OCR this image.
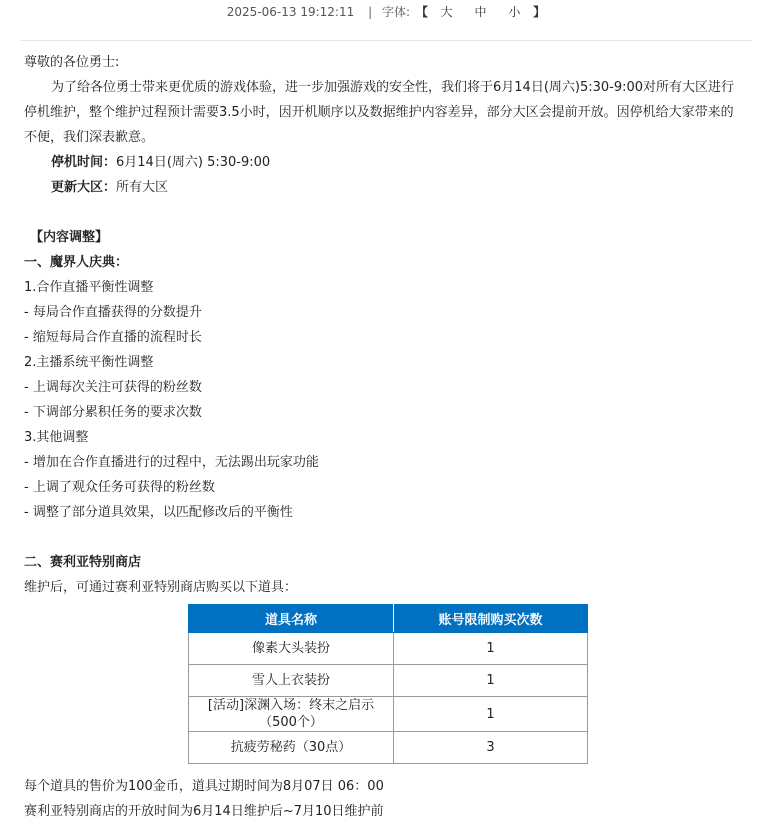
2025-06-13 19:12:11 | 字体: 【 大 中 小 】
尊敬的各位勇士:

为了给各位勇士带来更优质的游戏体验，进一步加强游戏的安全性，我们将于6月14日(周六)5:30-9:00对所有大区进行停机维护，整个维护过程预计需要3.5小时，因开机顺序以及数据维护内容差异，部分大区会提前开放。因停机给大家带来的不便，我们深表歉意。

停机时间：6月14日(周六) 5:30-9:00
更新大区：所有大区
【内容调整】
一、魔界人庆典：
1.合作直播平衡性调整
- 每局合作直播获得的分数提升
- 缩短每局合作直播的流程时长
2.主播系统平衡性调整
- 上调每次关注可获得的粉丝数
- 下调部分累积任务的要求次数
3.其他调整
- 增加在合作直播进行的过程中，无法踢出玩家功能
- 上调了观众任务可获得的粉丝数
- 调整了部分道具效果，以匹配修改后的平衡性
二、赛利亚特别商店
维护后，可通过赛利亚特别商店购买以下道具：
道具名称	账号限制购买次数
像素大头装扮	1
雪人上衣装扮	1
[活动]深渊入场：终末之启示（500个）	1
抗疲劳秘药（30点）	3
每个道具的售价为100金币，道具过期时间为8月07日 06：00
赛利亚特别商店的开放时间为6月14日维护后~7月10日维护前
